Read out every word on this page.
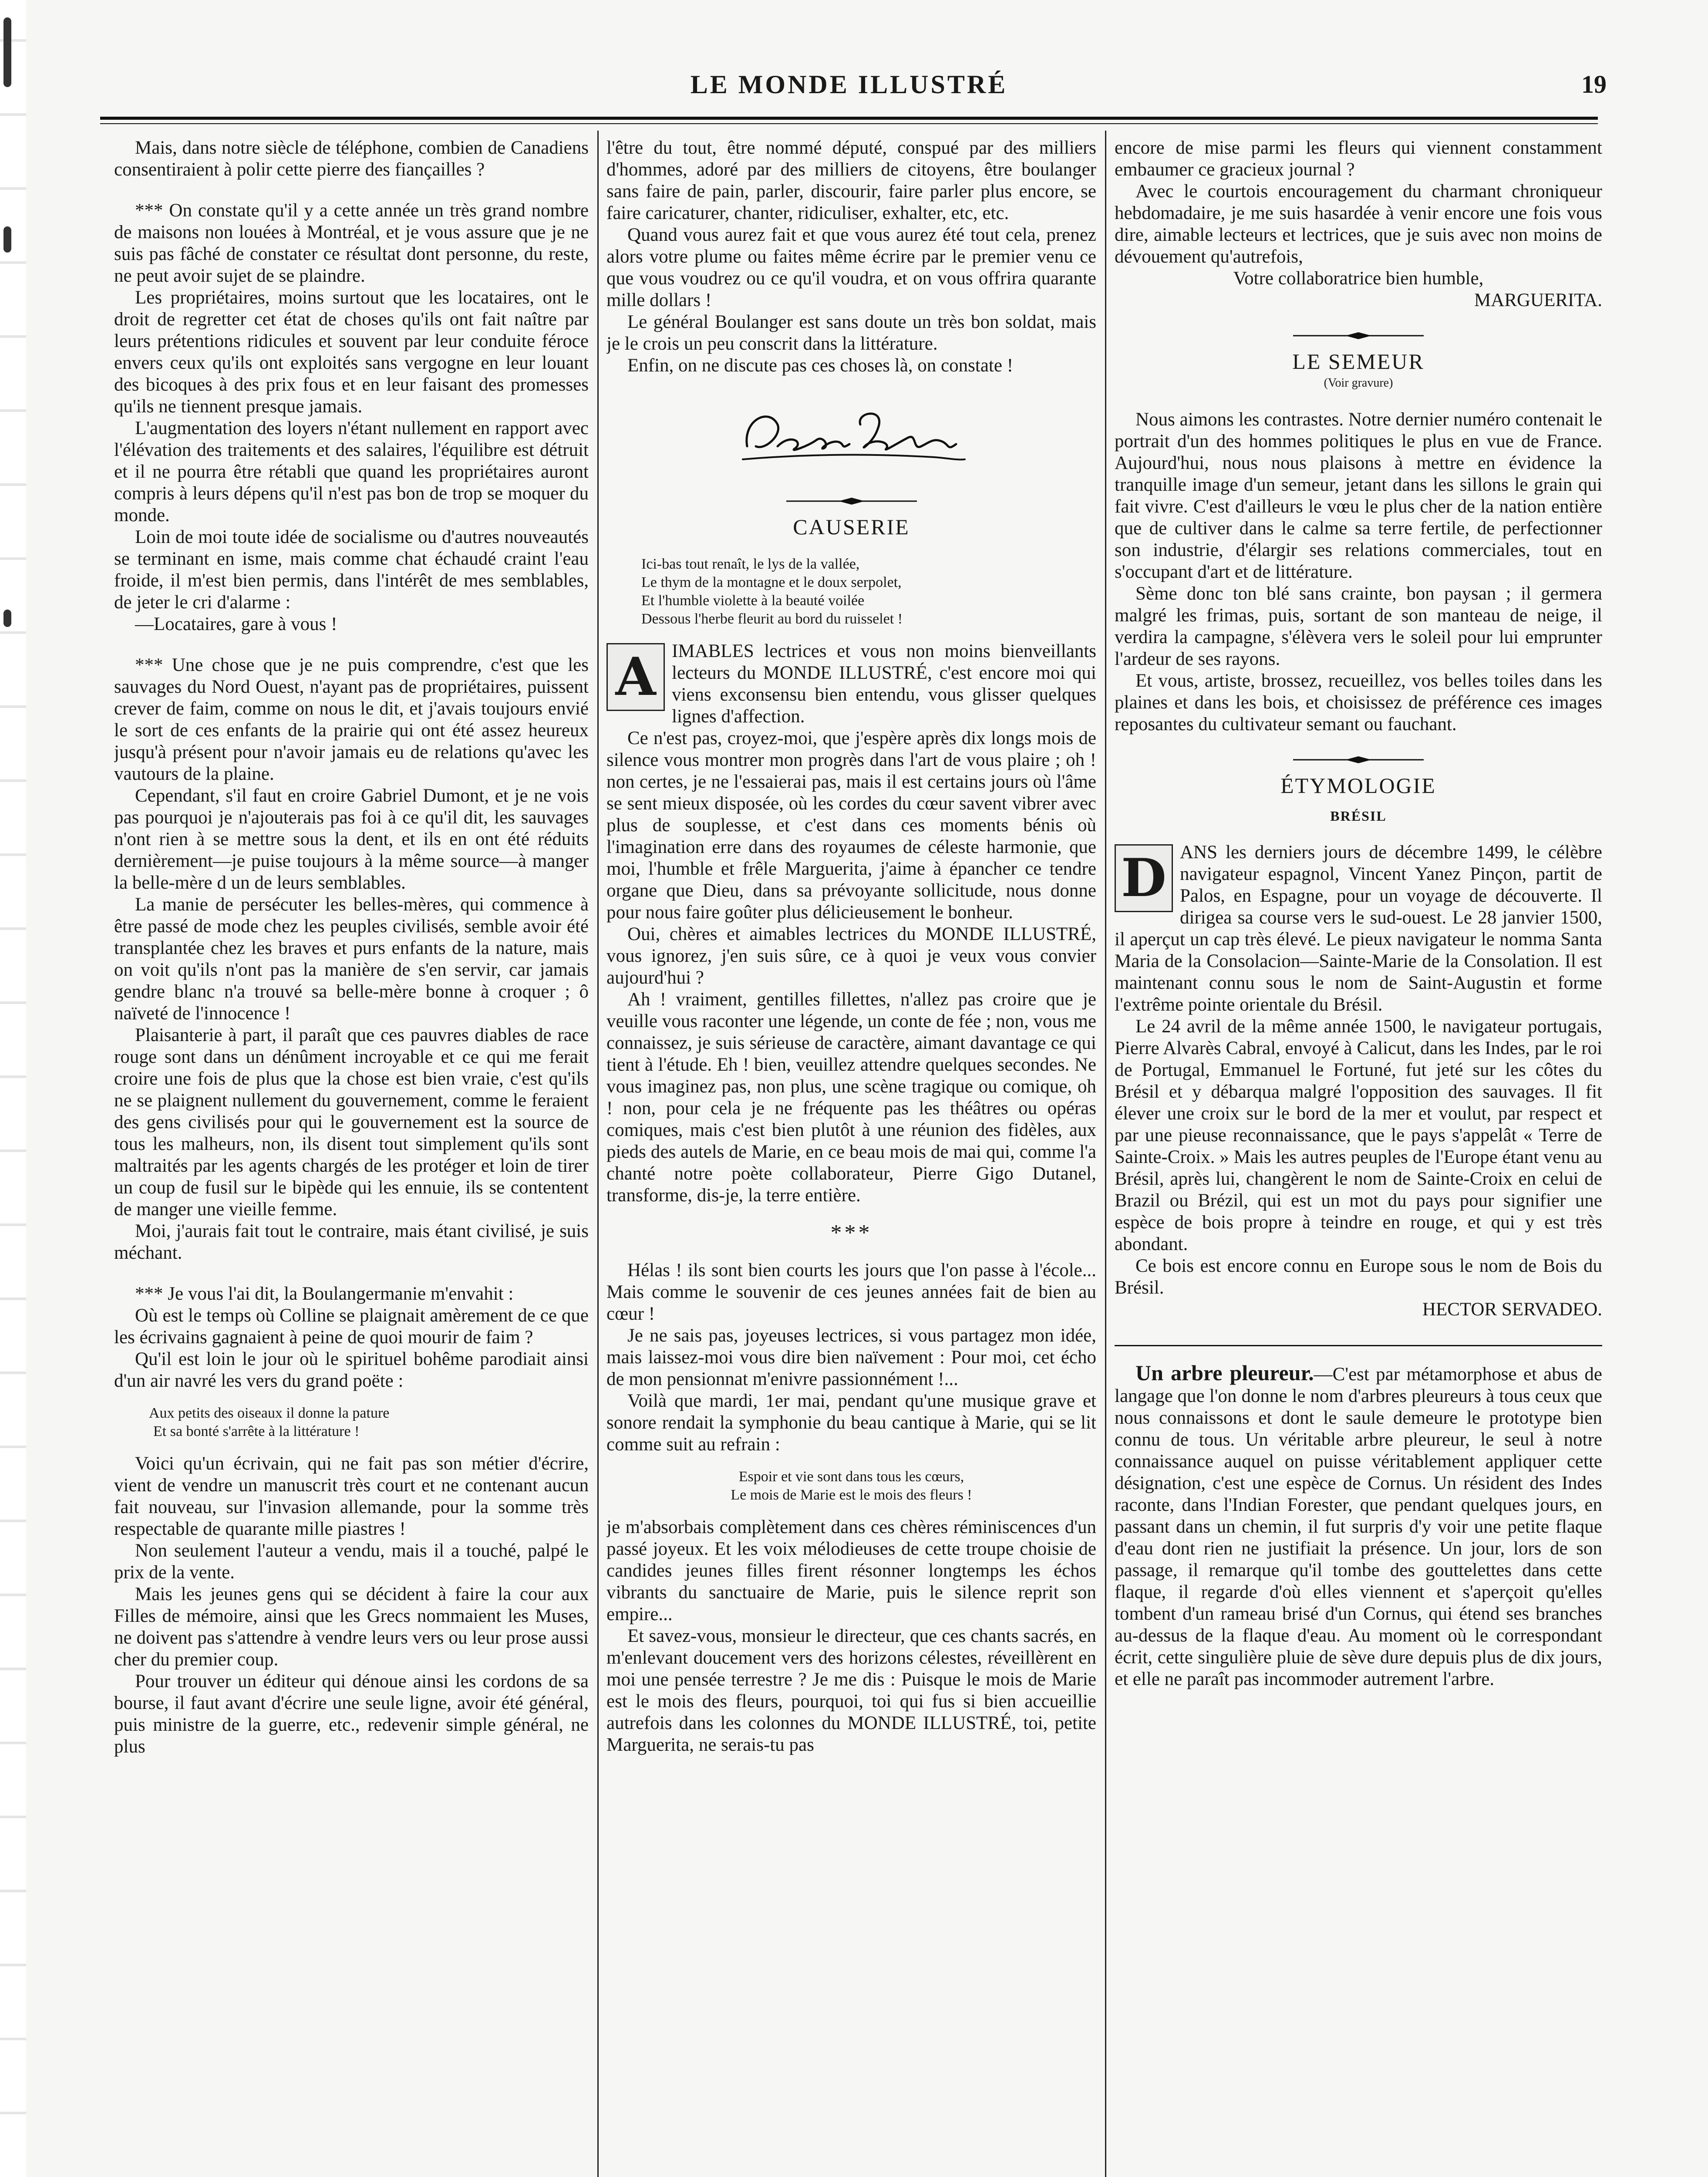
LE MONDE ILLUSTRÉ	19

Mais, dans notre siècle de téléphone, combien de Canadiens consentiraient à polir cette pierre des fiançailles ?

*** On constate qu'il y a cette année un très grand nombre de maisons non louées à Montréal, et je vous assure que je ne suis pas fâché de constater ce résultat dont personne, du reste, ne peut avoir sujet de se plaindre.

Les propriétaires, moins surtout que les locataires, ont le droit de regretter cet état de choses qu'ils ont fait naître par leurs prétentions ridicules et souvent par leur conduite féroce envers ceux qu'ils ont exploités sans vergogne en leur louant des bicoques à des prix fous et en leur faisant des promesses qu'ils ne tiennent presque jamais.

L'augmentation des loyers n'étant nullement en rapport avec l'élévation des traitements et des salaires, l'équilibre est détruit et il ne pourra être rétabli que quand les propriétaires auront compris à leurs dépens qu'il n'est pas bon de trop se moquer du monde.

Loin de moi toute idée de socialisme ou d'autres nouveautés se terminant en isme, mais comme chat échaudé craint l'eau froide, il m'est bien permis, dans l'intérêt de mes semblables, de jeter le cri d'alarme :

—Locataires, gare à vous !

*** Une chose que je ne puis comprendre, c'est que les sauvages du Nord Ouest, n'ayant pas de propriétaires, puissent crever de faim, comme on nous le dit, et j'avais toujours envié le sort de ces enfants de la prairie qui ont été assez heureux jusqu'à présent pour n'avoir jamais eu de relations qu'avec les vautours de la plaine.

Cependant, s'il faut en croire Gabriel Dumont, et je ne vois pas pourquoi je n'ajouterais pas foi à ce qu'il dit, les sauvages n'ont rien à se mettre sous la dent, et ils en ont été réduits dernièrement—je puise toujours à la même source—à manger la belle-mère d un de leurs semblables.

La manie de persécuter les belles-mères, qui commence à être passé de mode chez les peuples civilisés, semble avoir été transplantée chez les braves et purs enfants de la nature, mais on voit qu'ils n'ont pas la manière de s'en servir, car jamais gendre blanc n'a trouvé sa belle-mère bonne à croquer ; ô naïveté de l'innocence !

Plaisanterie à part, il paraît que ces pauvres diables de race rouge sont dans un dénûment incroyable et ce qui me ferait croire une fois de plus que la chose est bien vraie, c'est qu'ils ne se plaignent nullement du gouvernement, comme le feraient des gens civilisés pour qui le gouvernement est la source de tous les malheurs, non, ils disent tout simplement qu'ils sont maltraités par les agents chargés de les protéger et loin de tirer un coup de fusil sur le bipède qui les ennuie, ils se contentent de manger une vieille femme.

Moi, j'aurais fait tout le contraire, mais étant civilisé, je suis méchant.

*** Je vous l'ai dit, la Boulangermanie m'envahit :

Où est le temps où Colline se plaignait amèrement de ce que les écrivains gagnaient à peine de quoi mourir de faim ?

Qu'il est loin le jour où le spirituel bohême parodiait ainsi d'un air navré les vers du grand poëte :

Aux petits des oiseaux il donne la pature
Et sa bonté s'arrête à la littérature !

Voici qu'un écrivain, qui ne fait pas son métier d'écrire, vient de vendre un manuscrit très court et ne contenant aucun fait nouveau, sur l'invasion allemande, pour la somme très respectable de quarante mille piastres !

Non seulement l'auteur a vendu, mais il a touché, palpé le prix de la vente.

Mais les jeunes gens qui se décident à faire la cour aux Filles de mémoire, ainsi que les Grecs nommaient les Muses, ne doivent pas s'attendre à vendre leurs vers ou leur prose aussi cher du premier coup.

Pour trouver un éditeur qui dénoue ainsi les cordons de sa bourse, il faut avant d'écrire une seule ligne, avoir été général, puis ministre de la guerre, etc., redevenir simple général, ne plus

l'être du tout, être nommé député, conspué par des milliers d'hommes, adoré par des milliers de citoyens, être boulanger sans faire de pain, parler, discourir, faire parler plus encore, se faire caricaturer, chanter, ridiculiser, exhalter, etc, etc.

Quand vous aurez fait et que vous aurez été tout cela, prenez alors votre plume ou faites même écrire par le premier venu ce que vous voudrez ou ce qu'il voudra, et on vous offrira quarante mille dollars !

Le général Boulanger est sans doute un très bon soldat, mais je le crois un peu conscrit dans la littérature.

Enfin, on ne discute pas ces choses là, on constate !

CAUSERIE
Ici-bas tout renaît, le lys de la vallée,
Le thym de la montagne et le doux serpolet,
Et l'humble violette à la beauté voilée
Dessous l'herbe fleurit au bord du ruisselet !
A IMABLES lectrices et vous non moins bienveillants lecteurs du MONDE ILLUSTRÉ, c'est encore moi qui viens exconsensu bien entendu, vous glisser quelques lignes d'affection.

Ce n'est pas, croyez-moi, que j'espère après dix longs mois de silence vous montrer mon progrès dans l'art de vous plaire ; oh ! non certes, je ne l'essaierai pas, mais il est certains jours où l'âme se sent mieux disposée, où les cordes du cœur savent vibrer avec plus de souplesse, et c'est dans ces moments bénis où l'imagination erre dans des royaumes de céleste harmonie, que moi, l'humble et frêle Marguerita, j'aime à épancher ce tendre organe que Dieu, dans sa prévoyante sollicitude, nous donne pour nous faire goûter plus délicieusement le bonheur.

Oui, chères et aimables lectrices du MONDE ILLUSTRÉ, vous ignorez, j'en suis sûre, ce à quoi je veux vous convier aujourd'hui ?

Ah ! vraiment, gentilles fillettes, n'allez pas croire que je veuille vous raconter une légende, un conte de fée ; non, vous me connaissez, je suis sérieuse de caractère, aimant davantage ce qui tient à l'étude. Eh ! bien, veuillez attendre quelques secondes. Ne vous imaginez pas, non plus, une scène tragique ou comique, oh ! non, pour cela je ne fréquente pas les théâtres ou opéras comiques, mais c'est bien plutôt à une réunion des fidèles, aux pieds des autels de Marie, en ce beau mois de mai qui, comme l'a chanté notre poète collaborateur, Pierre Gigo Dutanel, transforme, dis-je, la terre entière.

***

Hélas ! ils sont bien courts les jours que l'on passe à l'école... Mais comme le souvenir de ces jeunes années fait de bien au cœur !

Je ne sais pas, joyeuses lectrices, si vous partagez mon idée, mais laissez-moi vous dire bien naïvement : Pour moi, cet écho de mon pensionnat m'enivre passionnément !...

Voilà que mardi, 1er mai, pendant qu'une musique grave et sonore rendait la symphonie du beau cantique à Marie, qui se lit comme suit au refrain :

Espoir et vie sont dans tous les cœurs,
Le mois de Marie est le mois des fleurs !

je m'absorbais complètement dans ces chères réminiscences d'un passé joyeux. Et les voix mélodieuses de cette troupe choisie de candides jeunes filles firent résonner longtemps les échos vibrants du sanctuaire de Marie, puis le silence reprit son empire...

Et savez-vous, monsieur le directeur, que ces chants sacrés, en m'enlevant doucement vers des horizons célestes, réveillèrent en moi une pensée terrestre ? Je me dis : Puisque le mois de Marie est le mois des fleurs, pourquoi, toi qui fus si bien accueillie autrefois dans les colonnes du MONDE ILLUSTRÉ, toi, petite Marguerita, ne serais-tu pas

encore de mise parmi les fleurs qui viennent constamment embaumer ce gracieux journal ?

Avec le courtois encouragement du charmant chroniqueur hebdomadaire, je me suis hasardée à venir encore une fois vous dire, aimable lecteurs et lectrices, que je suis avec non moins de dévouement qu'autrefois,

Votre collaboratrice bien humble,

MARGUERITA.

LE SEMEUR
(Voir gravure)

Nous aimons les contrastes. Notre dernier numéro contenait le portrait d'un des hommes politiques le plus en vue de France. Aujourd'hui, nous nous plaisons à mettre en évidence la tranquille image d'un semeur, jetant dans les sillons le grain qui fait vivre. C'est d'ailleurs le vœu le plus cher de la nation entière que de cultiver dans le calme sa terre fertile, de perfectionner son industrie, d'élargir ses relations commerciales, tout en s'occupant d'art et de littérature.

Sème donc ton blé sans crainte, bon paysan ; il germera malgré les frimas, puis, sortant de son manteau de neige, il verdira la campagne, s'élèvera vers le soleil pour lui emprunter l'ardeur de ses rayons.

Et vous, artiste, brossez, recueillez, vos belles toiles dans les plaines et dans les bois, et choisissez de préférence ces images reposantes du cultivateur semant ou fauchant.

ÉTYMOLOGIE
BRÉSIL
D ANS les derniers jours de décembre 1499, le célèbre navigateur espagnol, Vincent Yanez Pinçon, partit de Palos, en Espagne, pour un voyage de découverte. Il dirigea sa course vers le sud-ouest. Le 28 janvier 1500, il aperçut un cap très élevé. Le pieux navigateur le nomma Santa Maria de la Consolacion—Sainte-Marie de la Consolation. Il est maintenant connu sous le nom de Saint-Augustin et forme l'extrême pointe orientale du Brésil.

Le 24 avril de la même année 1500, le navigateur portugais, Pierre Alvarès Cabral, envoyé à Calicut, dans les Indes, par le roi de Portugal, Emmanuel le Fortuné, fut jeté sur les côtes du Brésil et y débarqua malgré l'opposition des sauvages. Il fit élever une croix sur le bord de la mer et voulut, par respect et par une pieuse reconnaissance, que le pays s'appelât « Terre de Sainte-Croix. » Mais les autres peuples de l'Europe étant venu au Brésil, après lui, changèrent le nom de Sainte-Croix en celui de Brazil ou Brézil, qui est un mot du pays pour signifier une espèce de bois propre à teindre en rouge, et qui y est très abondant.

Ce bois est encore connu en Europe sous le nom de Bois du Brésil.

HECTOR SERVADEO.

Un arbre pleureur.—C'est par métamorphose et abus de langage que l'on donne le nom d'arbres pleureurs à tous ceux que nous connaissons et dont le saule demeure le prototype bien connu de tous. Un véritable arbre pleureur, le seul à notre connaissance auquel on puisse véritablement appliquer cette désignation, c'est une espèce de Cornus. Un résident des Indes raconte, dans l'Indian Forester, que pendant quelques jours, en passant dans un chemin, il fut surpris d'y voir une petite flaque d'eau dont rien ne justifiait la présence. Un jour, lors de son passage, il remarque qu'il tombe des gouttelettes dans cette flaque, il regarde d'où elles viennent et s'aperçoit qu'elles tombent d'un rameau brisé d'un Cornus, qui étend ses branches au-dessus de la flaque d'eau. Au moment où le correspondant écrit, cette singulière pluie de sève dure depuis plus de dix jours, et elle ne paraît pas incommoder autrement l'arbre.
